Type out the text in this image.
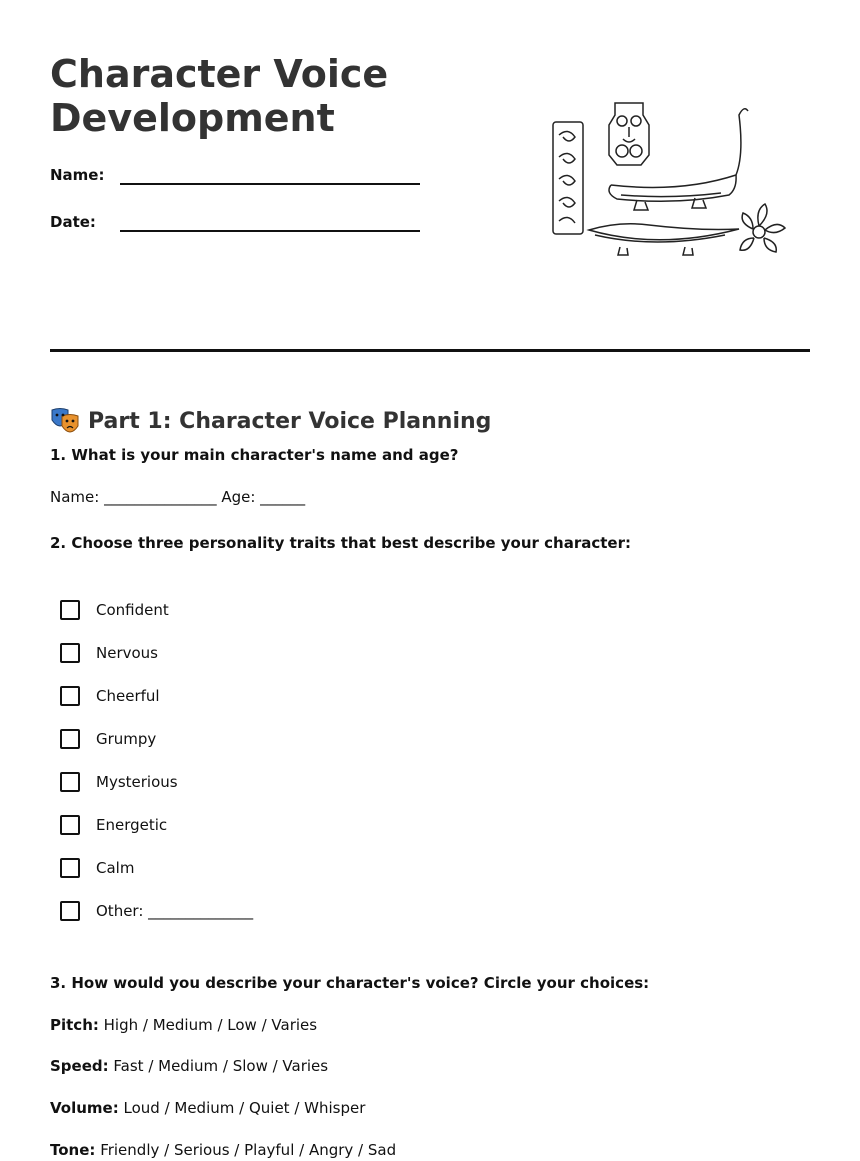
Character Voice Development
Name:
Date:
Part 1: Character Voice Planning
1. What is your main character's name and age?
Name: _______________ Age: ______
2. Choose three personality traits that best describe your character:
Confident
Nervous
Cheerful
Grumpy
Mysterious
Energetic
Calm
Other: ______________
3. How would you describe your character's voice? Circle your choices:
Pitch: High / Medium / Low / Varies
Speed: Fast / Medium / Slow / Varies
Volume: Loud / Medium / Quiet / Whisper
Tone: Friendly / Serious / Playful / Angry / Sad
